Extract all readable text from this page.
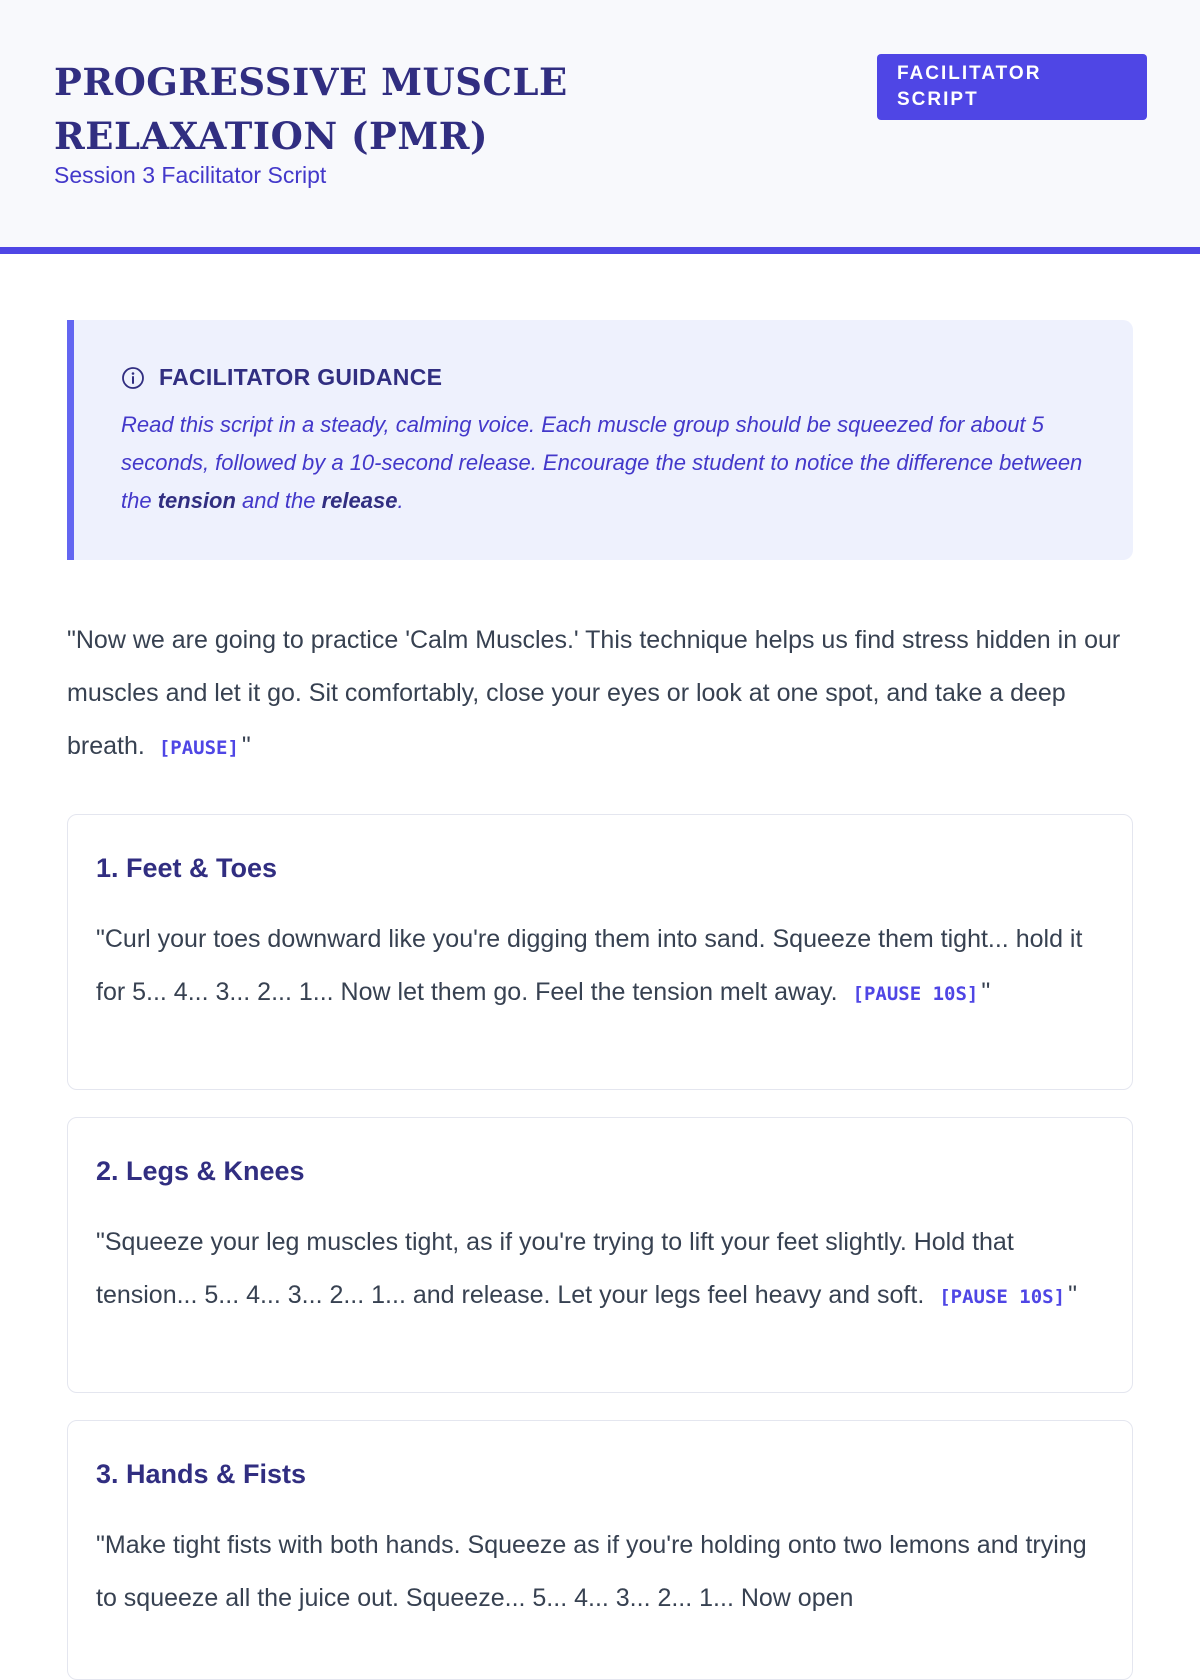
PROGRESSIVE MUSCLE RELAXATION (PMR)
Session 3 Facilitator Script
FACILITATOR SCRIPT
FACILITATOR GUIDANCE

Read this script in a steady, calming voice. Each muscle group should be squeezed for about 5 seconds, followed by a 10-second release. Encourage the student to notice the difference between the tension and the release.

"Now we are going to practice 'Calm Muscles.' This technique helps us find stress hidden in our muscles and let it go. Sit comfortably, close your eyes or look at one spot, and take a deep breath. [PAUSE] "

1. Feet & Toes

"Curl your toes downward like you're digging them into sand. Squeeze them tight... hold it for 5... 4... 3... 2... 1... Now let them go. Feel the tension melt away. [PAUSE 10S] "

2. Legs & Knees

"Squeeze your leg muscles tight, as if you're trying to lift your feet slightly. Hold that tension... 5... 4... 3... 2... 1... and release. Let your legs feel heavy and soft. [PAUSE 10S] "

3. Hands & Fists

"Make tight fists with both hands. Squeeze as if you're holding onto two lemons and trying to squeeze all the juice out. Squeeze... 5... 4... 3... 2... 1... Now open
